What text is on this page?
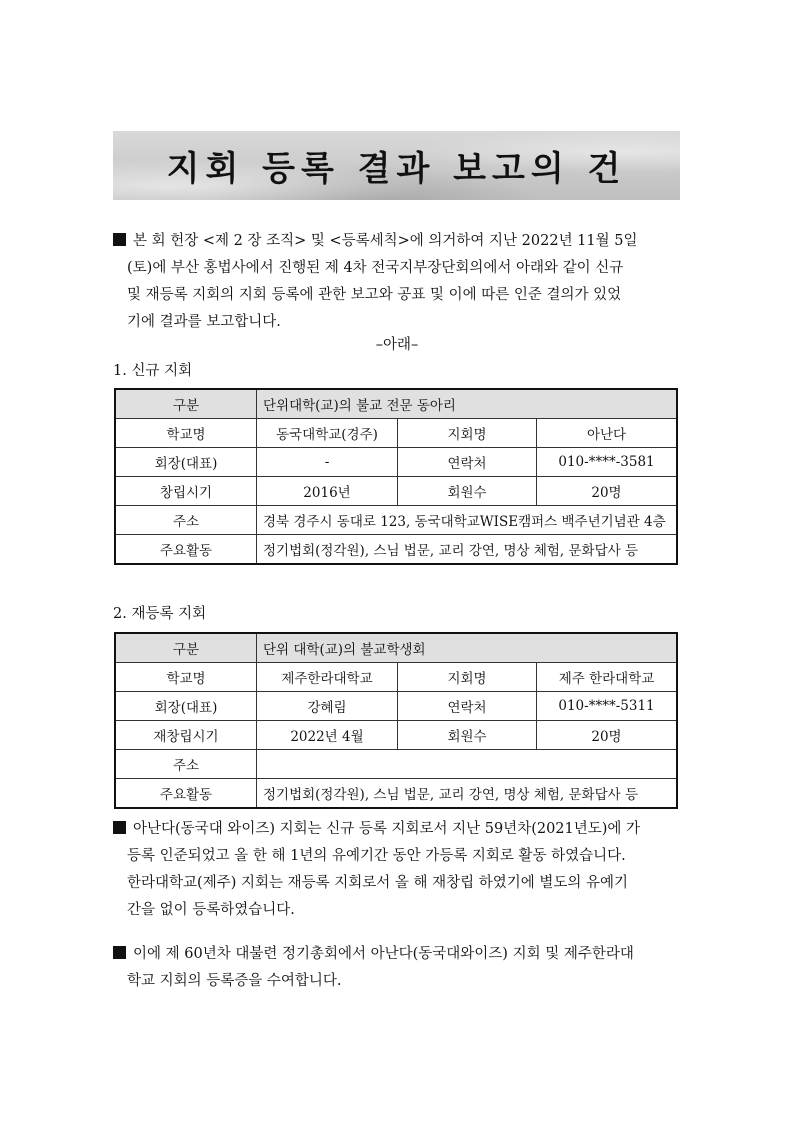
지회 등록 결과 보고의 건
본 회 헌장 <제 2 장 조직> 및 <등록세칙>에 의거하여 지난 2022년 11월 5일
(토)에 부산 홍법사에서 진행된 제 4차 전국지부장단회의에서 아래와 같이 신규
및 재등록 지회의 지회 등록에 관한 보고와 공표 및 이에 따른 인준 결의가 있었
기에 결과를 보고합니다.
–아래–
1. 신규 지회
구분	단위대학(교)의 불교 전문 동아리		
학교명	동국대학교(경주)	지회명	아난다
회장(대표)	-	연락처	010-****-3581
창립시기	2016년	회원수	20명
주소	경북 경주시 동대로 123, 동국대학교WISE캠퍼스 백주년기념관 4층		
주요활동	정기법회(정각원), 스님 법문, 교리 강연, 명상 체험, 문화답사 등		
2. 재등록 지회
구분	단위 대학(교)의 불교학생회		
학교명	제주한라대학교	지회명	제주 한라대학교
회장(대표)	강혜림	연락처	010-****-5311
재창립시기	2022년 4월	회원수	20명
주소			
주요활동	정기법회(정각원), 스님 법문, 교리 강연, 명상 체험, 문화답사 등		
아난다(동국대 와이즈) 지회는 신규 등록 지회로서 지난 59년차(2021년도)에 가
등록 인준되었고 올 한 해 1년의 유예기간 동안 가등록 지회로 활동 하였습니다.
한라대학교(제주) 지회는 재등록 지회로서 올 해 재창립 하였기에 별도의 유예기
간을 없이 등록하였습니다.
이에 제 60년차 대불련 정기총회에서 아난다(동국대와이즈) 지회 및 제주한라대
학교 지회의 등록증을 수여합니다.
